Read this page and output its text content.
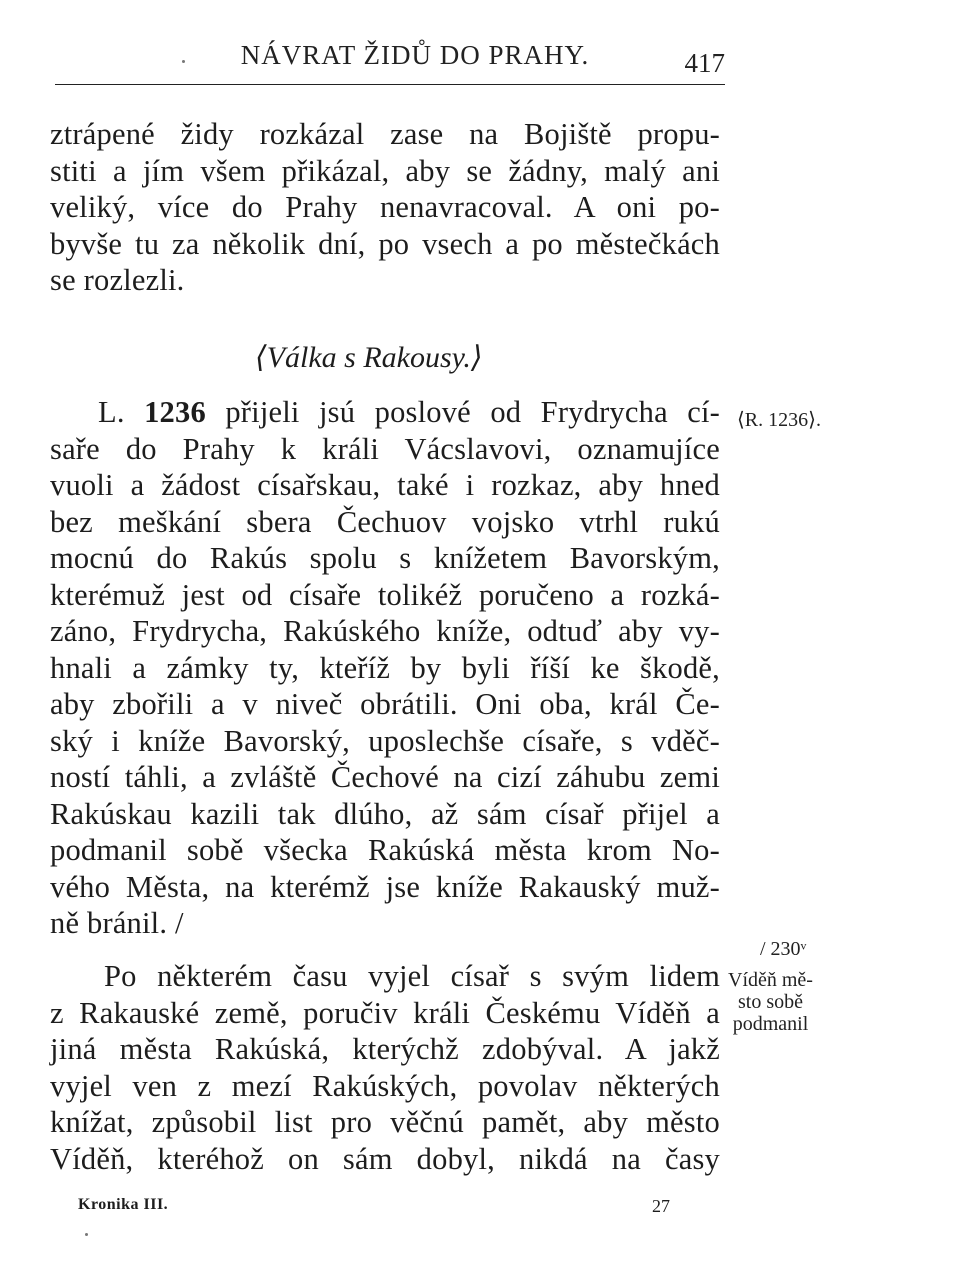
NÁVRAT ŽIDŮ DO PRAHY.	417
ztrápené židy rozkázal zase na Bojiště propu-
stiti a jím všem přikázal, aby se žádny, malý ani
veliký, více do Prahy nenavracoval. A oni po-
byvše tu za několik dní, po vsech a po městečkách
se rozlezli.
⟨Válka s Rakousy.⟩
L. 1236 přijeli jsú poslové od Frydrycha cí-
saře do Prahy k králi Vácslavovi, oznamujíce
vuoli a žádost císařskau, také i rozkaz, aby hned
bez meškání sbera Čechuov vojsko vtrhl rukú
mocnú do Rakús spolu s knížetem Bavorským,
kterémuž jest od císaře tolikéž poručeno a rozká-
záno, Frydrycha, Rakúského kníže, odtuď aby vy-
hnali a zámky ty, kteříž by byli říší ke škodě,
aby zbořili a v niveč obrátili. Oni oba, král Če-
ský i kníže Bavorský, uposlechše císaře, s vděč-
ností táhli, a zvláště Čechové na cizí záhubu zemi
Rakúskau kazili tak dlúho, až sám císař přijel a
podmanil sobě všecka Rakúská města krom No-
vého Města, na kterémž jse kníže Rakauský muž-
ně bránil. /
Po některém času vyjel císař s svým lidem
z Rakauské země, poručiv králi Českému Víděň a
jiná města Rakúská, kterýchž zdobýval. A jakž
vyjel ven z mezí Rakúských, povolav některých
knížat, způsobil list pro věčnú pamět, aby město
Víděň, kteréhož on sám dobyl, nikdá na časy
⟨R. 1236⟩.
/ 230ᵛ
Víděň mě-
sto sobě
podmanil
Kronika III.	27
